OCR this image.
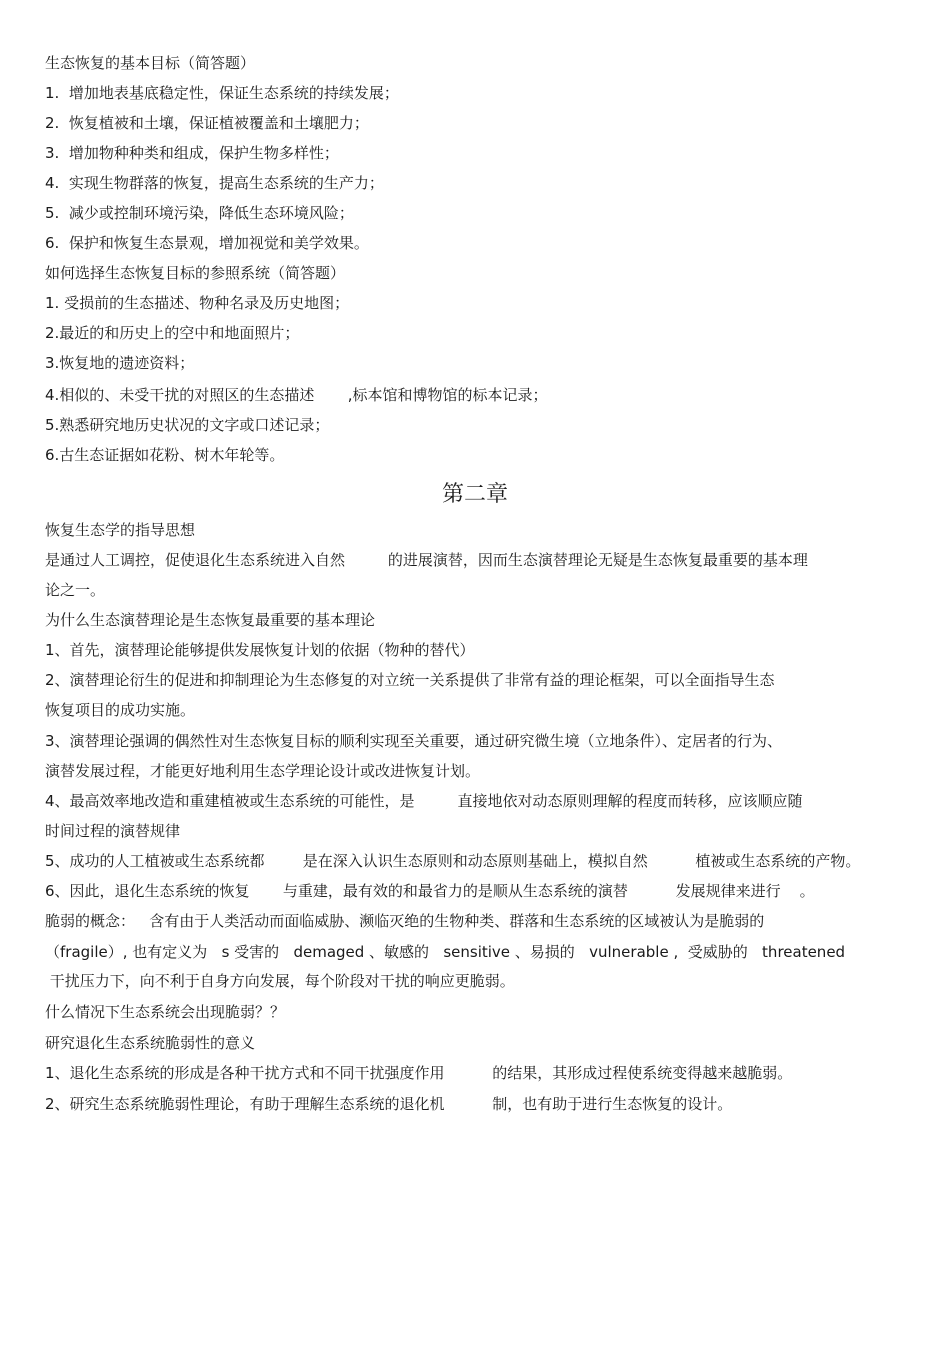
生态恢复的基本目标（简答题）
1.  增加地表基底稳定性，保证生态系统的持续发展；
2.  恢复植被和土壤，保证植被覆盖和土壤肥力；
3.  增加物种种类和组成，保护生物多样性；
4.  实现生物群落的恢复，提高生态系统的生产力；
5.  减少或控制环境污染，降低生态环境风险；
6.  保护和恢复生态景观，增加视觉和美学效果。
如何选择生态恢复目标的参照系统（简答题）
1. 受损前的生态描述、物种名录及历史地图；
2.最近的和历史上的空中和地面照片；
3.恢复地的遗迹资料；
4.相似的、未受干扰的对照区的生态描述       ,标本馆和博物馆的标本记录；
5.熟悉研究地历史状况的文字或口述记录；
6.古生态证据如花粉、树木年轮等。
第二章
恢复生态学的指导思想
是通过人工调控，促使退化生态系统进入自然         的进展演替，因而生态演替理论无疑是生态恢复最重要的基本理
论之一。
为什么生态演替理论是生态恢复最重要的基本理论
1、首先，演替理论能够提供发展恢复计划的依据（物种的替代）
2、演替理论衍生的促进和抑制理论为生态修复的对立统一关系提供了非常有益的理论框架，可以全面指导生态
恢复项目的成功实施。
3、演替理论强调的偶然性对生态恢复目标的顺利实现至关重要，通过研究微生境（立地条件）、定居者的行为、
演替发展过程，才能更好地利用生态学理论设计或改进恢复计划。
4、最高效率地改造和重建植被或生态系统的可能性，是         直接地依对动态原则理解的程度而转移，应该顺应随
时间过程的演替规律
5、成功的人工植被或生态系统都        是在深入认识生态原则和动态原则基础上，模拟自然          植被或生态系统的产物。
6、因此，退化生态系统的恢复       与重建，最有效的和最省力的是顺从生态系统的演替          发展规律来进行    。
脆弱的概念：   含有由于人类活动而面临威胁、濒临灭绝的生物种类、群落和生态系统的区域被认为是脆弱的
（fragile）, 也有定义为   s 受害的   demaged 、敏感的   sensitive 、易损的   vulnerable ,  受威胁的   threatened
干扰压力下，向不利于自身方向发展，每个阶段对干扰的响应更脆弱。
什么情况下生态系统会出现脆弱？？
研究退化生态系统脆弱性的意义
1、退化生态系统的形成是各种干扰方式和不同干扰强度作用          的结果，其形成过程使系统变得越来越脆弱。
2、研究生态系统脆弱性理论，有助于理解生态系统的退化机          制，也有助于进行生态恢复的设计。
